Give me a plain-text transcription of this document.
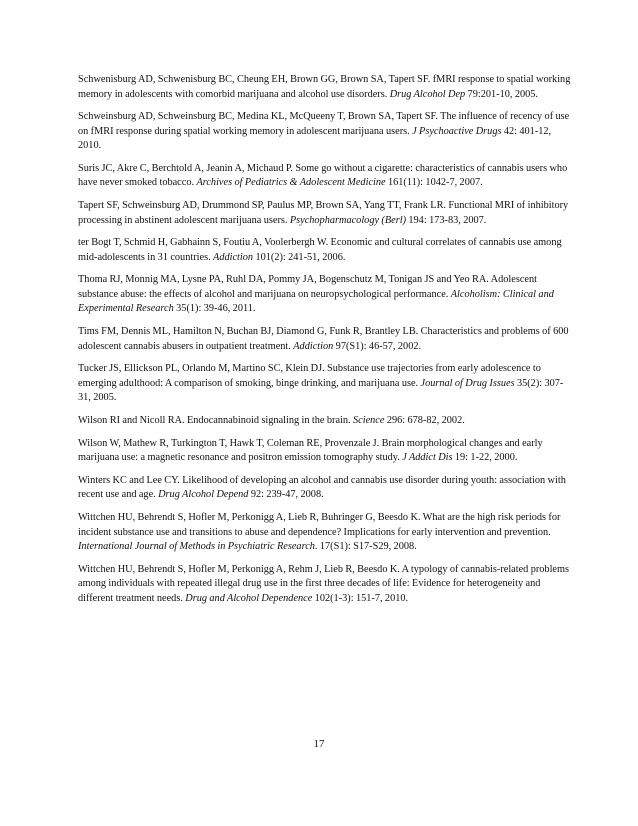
Schwenisburg AD, Schwenisburg BC, Cheung EH, Brown GG, Brown SA, Tapert SF. fMRI response to spatial working memory in adolescents with comorbid marijuana and alcohol use disorders. Drug Alcohol Dep 79:201-10, 2005.

Schweinsburg AD, Schweinsburg BC, Medina KL, McQueeny T, Brown SA, Tapert SF. The influence of recency of use on fMRI response during spatial working memory in adolescent marijuana users. J Psychoactive Drugs 42: 401-12, 2010.

Suris JC, Akre C, Berchtold A, Jeanin A, Michaud P. Some go without a cigarette: characteristics of cannabis users who have never smoked tobacco. Archives of Pediatrics & Adolescent Medicine 161(11): 1042-7, 2007.

Tapert SF, Schweinsburg AD, Drummond SP, Paulus MP, Brown SA, Yang TT, Frank LR. Functional MRI of inhibitory processing in abstinent adolescent marijuana users. Psychopharmacology (Berl) 194: 173-83, 2007.

ter Bogt T, Schmid H, Gabhainn S, Foutiu A, Voolerbergh W. Economic and cultural correlates of cannabis use among mid-adolescents in 31 countries. Addiction 101(2): 241-51, 2006.

Thoma RJ, Monnig MA, Lysne PA, Ruhl DA, Pommy JA, Bogenschutz M, Tonigan JS and Yeo RA. Adolescent substance abuse: the effects of alcohol and marijuana on neuropsychological performance. Alcoholism: Clinical and Experimental Research 35(1): 39-46, 2011.

Tims FM, Dennis ML, Hamilton N, Buchan BJ, Diamond G, Funk R, Brantley LB. Characteristics and problems of 600 adolescent cannabis abusers in outpatient treatment. Addiction 97(S1): 46-57, 2002.

Tucker JS, Ellickson PL, Orlando M, Martino SC, Klein DJ. Substance use trajectories from early adolescence to emerging adulthood: A comparison of smoking, binge drinking, and marijuana use. Journal of Drug Issues 35(2): 307-31, 2005.

Wilson RI and Nicoll RA. Endocannabinoid signaling in the brain. Science 296: 678-82, 2002.

Wilson W, Mathew R, Turkington T, Hawk T, Coleman RE, Provenzale J. Brain morphological changes and early marijuana use: a magnetic resonance and positron emission tomography study. J Addict Dis 19: 1-22, 2000.

Winters KC and Lee CY. Likelihood of developing an alcohol and cannabis use disorder during youth: association with recent use and age. Drug Alcohol Depend 92: 239-47, 2008.

Wittchen HU, Behrendt S, Hofler M, Perkonigg A, Lieb R, Buhringer G, Beesdo K. What are the high risk periods for incident substance use and transitions to abuse and dependence? Implications for early intervention and prevention. International Journal of Methods in Psychiatric Research. 17(S1): S17-S29, 2008.

Wittchen HU, Behrendt S, Hofler M, Perkonigg A, Rehm J, Lieb R, Beesdo K. A typology of cannabis-related problems among individuals with repeated illegal drug use in the first three decades of life: Evidence for heterogeneity and different treatment needs. Drug and Alcohol Dependence 102(1-3): 151-7, 2010.

17
